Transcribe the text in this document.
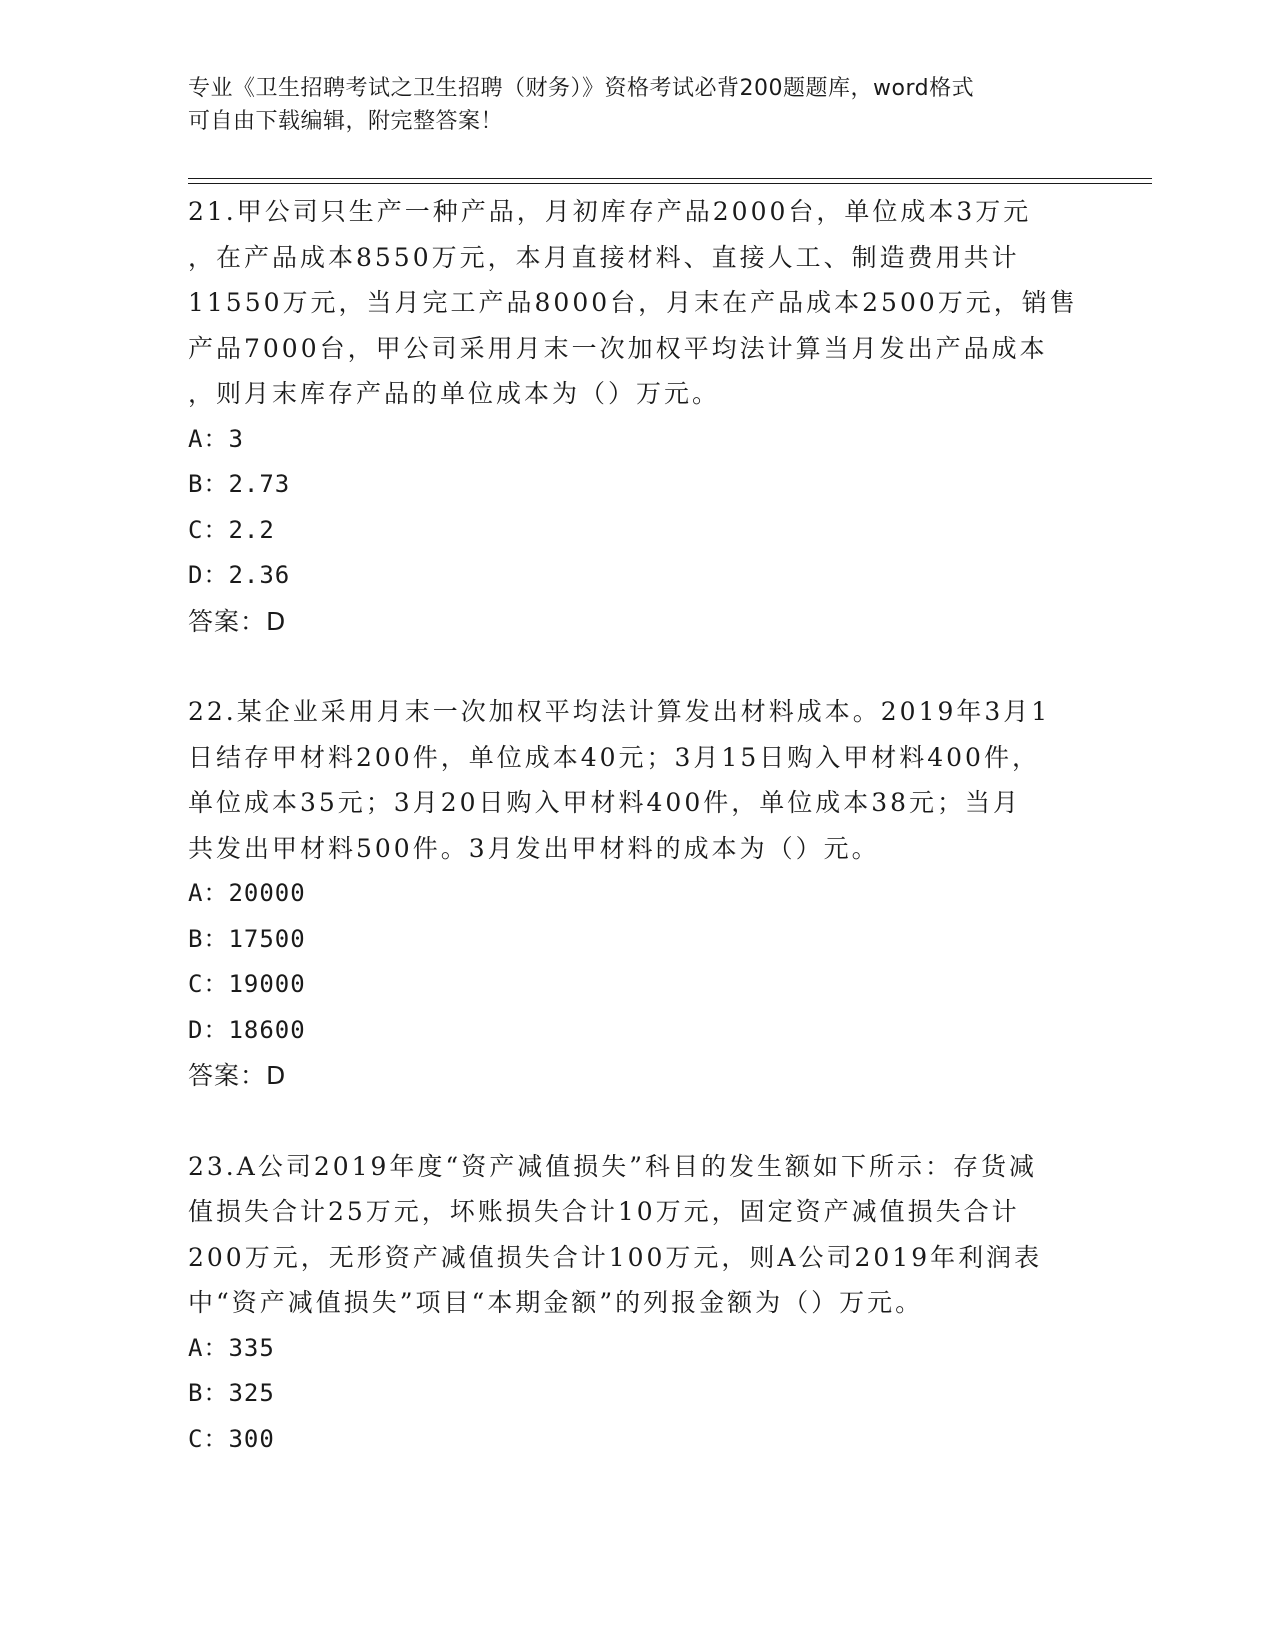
专业《卫生招聘考试之卫生招聘（财务）》资格考试必背200题题库，word格式
可自由下载编辑，附完整答案！

21.甲公司只生产一种产品，月初库存产品2000台，单位成本3万元

，在产品成本8550万元，本月直接材料、直接人工、制造费用共计

11550万元，当月完工产品8000台，月末在产品成本2500万元，销售

产品7000台，甲公司采用月末一次加权平均法计算当月发出产品成本

，则月末库存产品的单位成本为（）万元。

A：3

B：2.73

C：2.2

D：2.36

答案：D

22.某企业采用月末一次加权平均法计算发出材料成本。2019年3月1

日结存甲材料200件，单位成本40元；3月15日购入甲材料400件，

单位成本35元；3月20日购入甲材料400件，单位成本38元；当月

共发出甲材料500件。3月发出甲材料的成本为（）元。

A：20000

B：17500

C：19000

D：18600

答案：D

23.A公司2019年度“资产减值损失”科目的发生额如下所示：存货减

值损失合计25万元，坏账损失合计10万元，固定资产减值损失合计

200万元，无形资产减值损失合计100万元，则A公司2019年利润表

中“资产减值损失”项目“本期金额”的列报金额为（）万元。

A：335

B：325

C：300
